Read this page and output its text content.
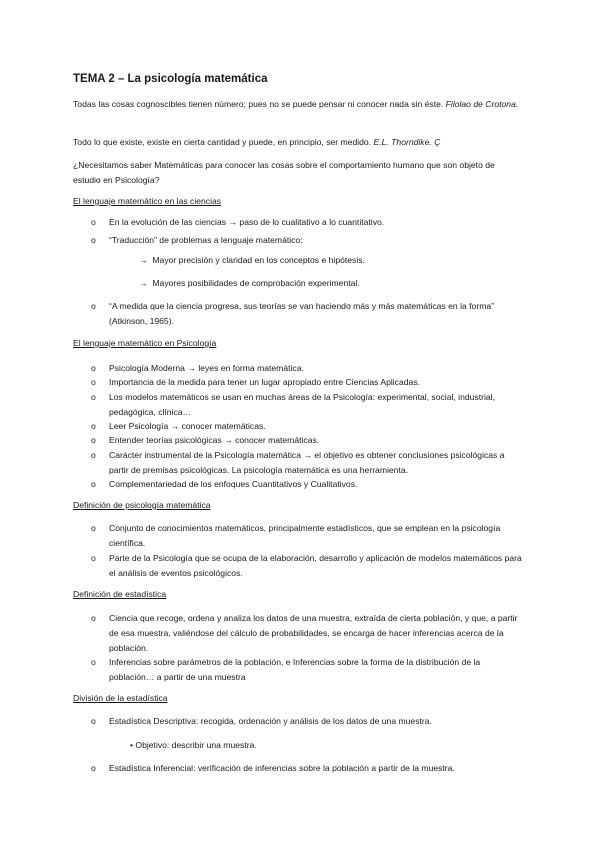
TEMA 2 – La psicología matemática
Todas las cosas cognoscibles tienen número; pues no se puede pensar ni conocer nada sin éste. Filolao de Crotona.
Todo lo que existe, existe en cierta cantidad y puede, en principio, ser medido. E.L. Thorndike. Ç
¿Necesitamos saber Matemáticas para conocer las cosas sobre el comportamiento humano que son objeto de estudio en Psicología?
El lenguaje matemático en las ciencias
o En la evolución de las ciencias → paso de lo cualitativo a lo cuantitativo.
o “Traducción” de problemas a lenguaje matemático:
→ Mayor precisión y claridad en los conceptos e hipótesis.
→ Mayores posibilidades de comprobación experimental.
o “A medida que la ciencia progresa, sus teorías se van haciendo más y más matemáticas en la forma” (Atkinson, 1965).
El lenguaje matemático en Psicología
o Psicología Moderna → leyes en forma matemática.
o Importancia de la medida para tener un lugar apropiado entre Ciencias Aplicadas.
o Los modelos matemáticos se usan en muchas áreas de la Psicología: experimental, social, industrial, pedagógica, clínica…
o Leer Psicología → conocer matemáticas.
o Entender teorías psicológicas → conocer matemáticas.
o Carácter instrumental de la Psicología matemática → el objetivo es obtener conclusiones psicológicas a partir de premisas psicológicas. La psicología matemática es una herramienta.
o Complementariedad de los enfoques Cuantitativos y Cualitativos.
Definición de psicología matemática
o Conjunto de conocimientos matemáticos, principalmente estadísticos, que se emplean en la psicología científica.
o Parte de la Psicología que se ocupa de la elaboración, desarrollo y aplicación de modelos matemáticos para el análisis de eventos psicológicos.
Definición de estadística
o Ciencia que recoge, ordena y analiza los datos de una muestra, extraída de cierta población, y que, a partir de esa muestra, valiéndose del cálculo de probabilidades, se encarga de hacer inferencias acerca de la población.
o Inferencias sobre parámetros de la población, e Inferencias sobre la forma de la distribución de la población… a partir de una muestra
División de la estadística
o Estadística Descriptiva: recogida, ordenación y análisis de los datos de una muestra.
• Objetivo: describir una muestra.
o Estadística Inferencial: verificación de inferencias sobre la población a partir de la muestra.
